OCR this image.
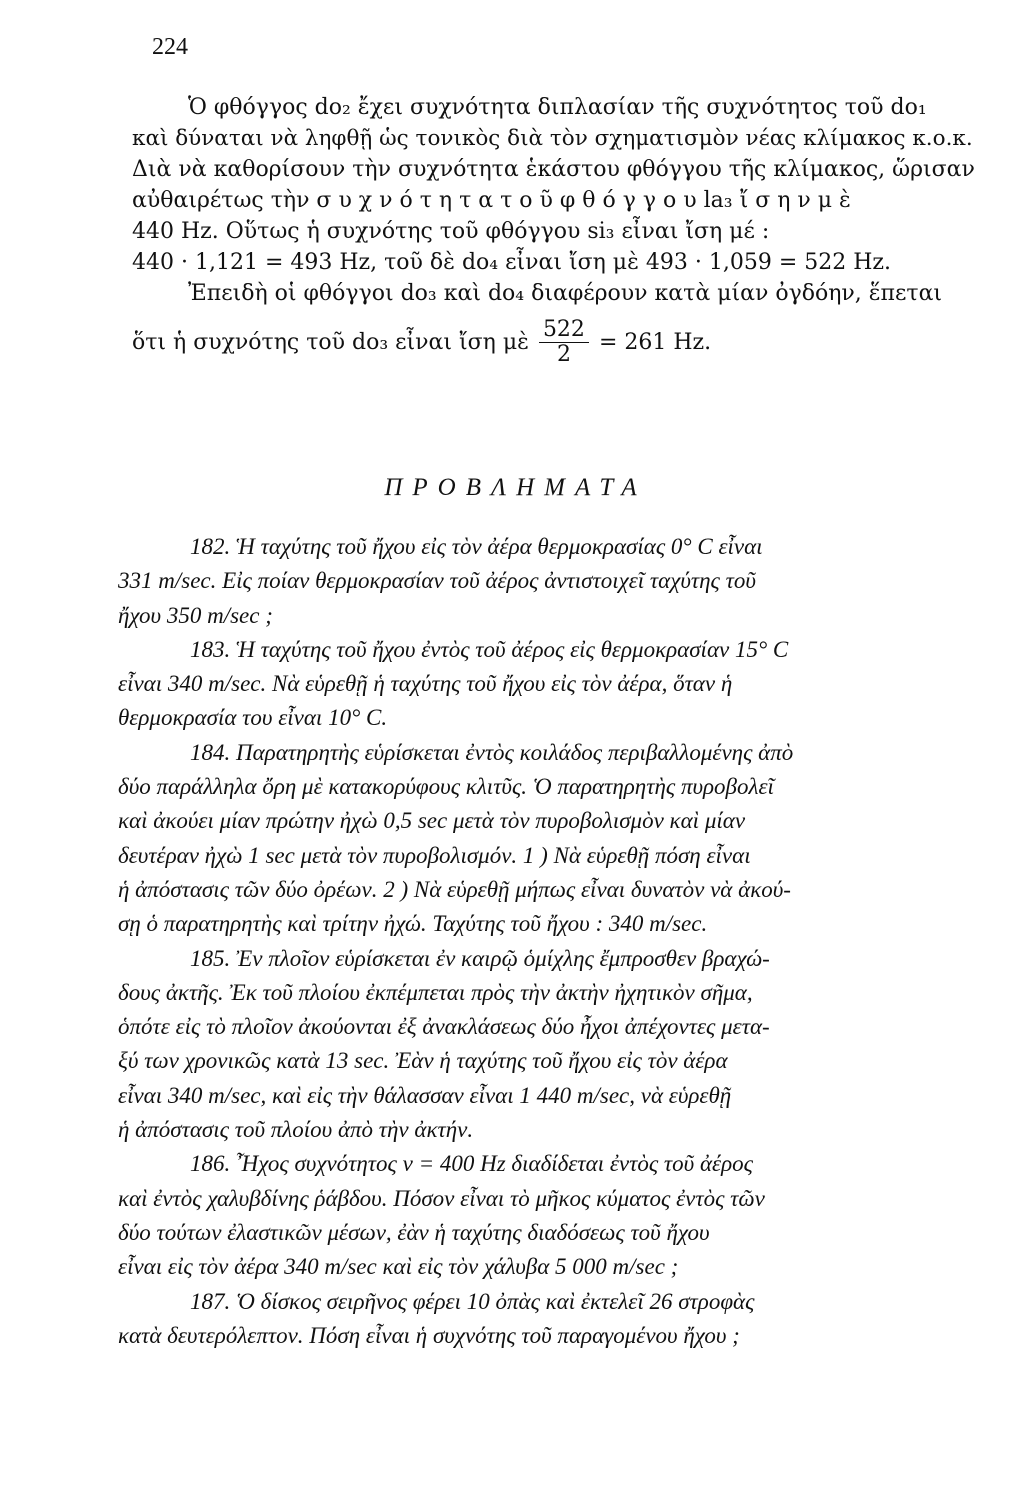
224
Ὁ φθόγγος do₂ ἔχει συχνότητα διπλασίαν τῆς συχνότητος τοῦ do₁
καὶ δύναται νὰ ληφθῇ ὡς τονικὸς διὰ τὸν σχηματισμὸν νέας κλίμακος κ.ο.κ.
Διὰ νὰ καθορίσουν τὴν συχνότητα ἑκάστου φθόγγου τῆς κλίμακος, ὥρισαν
αὐθαιρέτως τὴν σ υ χ ν ό τ η τ α τ ο ῦ φ θ ό γ γ ο υ la₃ ἴ σ η ν μ ὲ
440 Hz. Οὕτως ἡ συχνότης τοῦ φθόγγου si₃ εἶναι ἴση μέ :
440 · 1,121 = 493 Hz, τοῦ δὲ do₄ εἶναι ἴση μὲ 493 · 1,059 = 522 Hz.
Ἐπειδὴ οἱ φθόγγοι do₃ καὶ do₄ διαφέρουν κατὰ μίαν ὀγδόην, ἕπεται
ὅτι ἡ συχνότης τοῦ do₃ εἶναι ἴση μὲ $\frac{522}{2} = 261$ Hz.
ΠΡΟΒΛΗΜΑΤΑ
182. Ἡ ταχύτης τοῦ ἤχου εἰς τὸν ἀέρα θερμοκρασίας 0° C εἶναι
331 m/sec. Εἰς ποίαν θερμοκρασίαν τοῦ ἀέρος ἀντιστοιχεῖ ταχύτης τοῦ
ἤχου 350 m/sec ;
183. Ἡ ταχύτης τοῦ ἤχου ἐντὸς τοῦ ἀέρος εἰς θερμοκρασίαν 15° C
εἶναι 340 m/sec. Νὰ εὑρεθῇ ἡ ταχύτης τοῦ ἤχου εἰς τὸν ἀέρα, ὅταν ἡ
θερμοκρασία του εἶναι 10° C.
184. Παρατηρητὴς εὑρίσκεται ἐντὸς κοιλάδος περιβαλλομένης ἀπὸ
δύο παράλληλα ὄρη μὲ κατακορύφους κλιτῦς. Ὁ παρατηρητὴς πυροβολεῖ
καὶ ἀκούει μίαν πρώτην ἠχὼ 0,5 sec μετὰ τὸν πυροβολισμὸν καὶ μίαν
δευτέραν ἠχὼ 1 sec μετὰ τὸν πυροβολισμόν. 1 ) Νὰ εὑρεθῇ πόση εἶναι
ἡ ἀπόστασις τῶν δύο ὀρέων. 2 ) Νὰ εὑρεθῇ μήπως εἶναι δυνατὸν νὰ ἀκού-
σῃ ὁ παρατηρητὴς καὶ τρίτην ἠχώ. Ταχύτης τοῦ ἤχου : 340 m/sec.
185. Ἐν πλοῖον εὑρίσκεται ἐν καιρῷ ὁμίχλης ἔμπροσθεν βραχώ-
δους ἀκτῆς. Ἐκ τοῦ πλοίου ἐκπέμπεται πρὸς τὴν ἀκτὴν ἠχητικὸν σῆμα,
ὁπότε εἰς τὸ πλοῖον ἀκούονται ἐξ ἀνακλάσεως δύο ἦχοι ἀπέχοντες μετα-
ξύ των χρονικῶς κατὰ 13 sec. Ἐὰν ἡ ταχύτης τοῦ ἤχου εἰς τὸν ἀέρα
εἶναι 340 m/sec, καὶ εἰς τὴν θάλασσαν εἶναι 1 440 m/sec, νὰ εὑρεθῇ
ἡ ἀπόστασις τοῦ πλοίου ἀπὸ τὴν ἀκτήν.
186. Ἦχος συχνότητος ν = 400 Hz διαδίδεται ἐντὸς τοῦ ἀέρος
καὶ ἐντὸς χαλυβδίνης ῥάβδου. Πόσον εἶναι τὸ μῆκος κύματος ἐντὸς τῶν
δύο τούτων ἐλαστικῶν μέσων, ἐὰν ἡ ταχύτης διαδόσεως τοῦ ἤχου
εἶναι εἰς τὸν ἀέρα 340 m/sec καὶ εἰς τὸν χάλυβα 5 000 m/sec ;
187. Ὁ δίσκος σειρῆνος φέρει 10 ὀπὰς καὶ ἐκτελεῖ 26 στροφὰς
κατὰ δευτερόλεπτον. Πόση εἶναι ἡ συχνότης τοῦ παραγομένου ἤχου ;
